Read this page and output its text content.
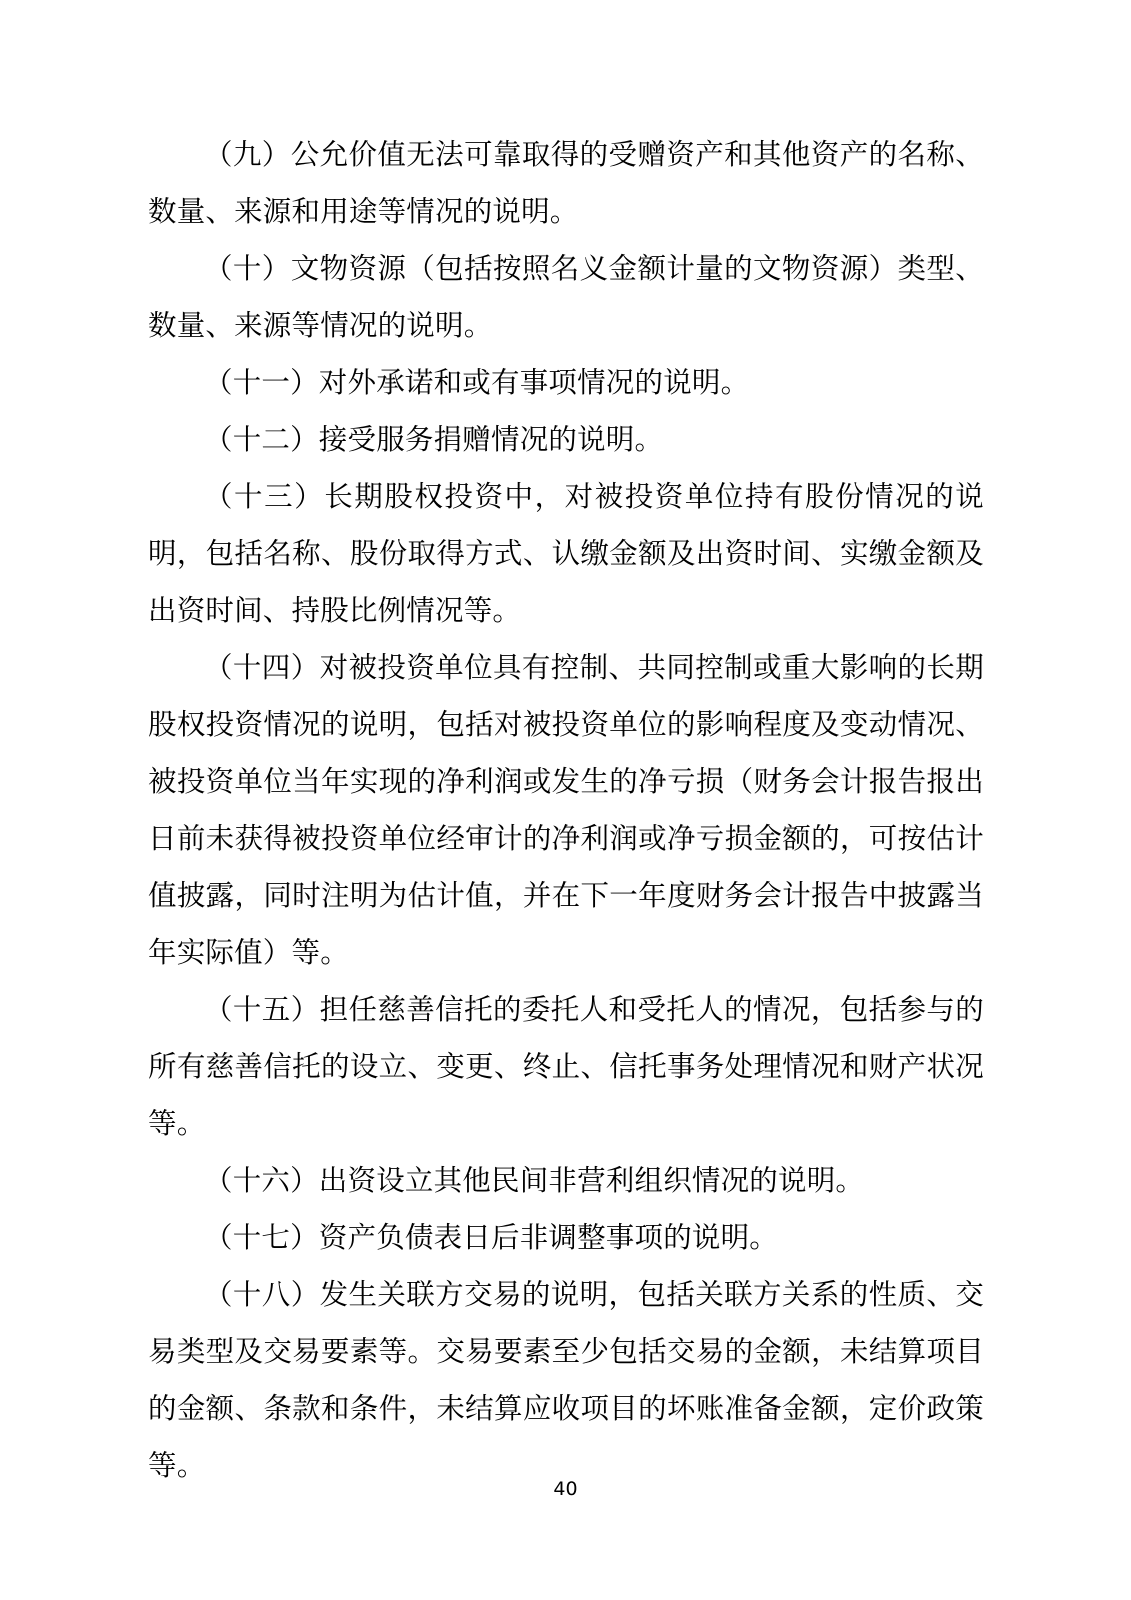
（九）公允价值无法可靠取得的受赠资产和其他资产的名称、数量、来源和用途等情况的说明。

（十）文物资源（包括按照名义金额计量的文物资源）类型、数量、来源等情况的说明。

（十一）对外承诺和或有事项情况的说明。

（十二）接受服务捐赠情况的说明。

（十三）长期股权投资中，对被投资单位持有股份情况的说明，包括名称、股份取得方式、认缴金额及出资时间、实缴金额及出资时间、持股比例情况等。

（十四）对被投资单位具有控制、共同控制或重大影响的长期股权投资情况的说明，包括对被投资单位的影响程度及变动情况、被投资单位当年实现的净利润或发生的净亏损（财务会计报告报出日前未获得被投资单位经审计的净利润或净亏损金额的，可按估计值披露，同时注明为估计值，并在下一年度财务会计报告中披露当年实际值）等。

（十五）担任慈善信托的委托人和受托人的情况，包括参与的所有慈善信托的设立、变更、终止、信托事务处理情况和财产状况等。

（十六）出资设立其他民间非营利组织情况的说明。

（十七）资产负债表日后非调整事项的说明。

（十八）发生关联方交易的说明，包括关联方关系的性质、交易类型及交易要素等。交易要素至少包括交易的金额，未结算项目的金额、条款和条件，未结算应收项目的坏账准备金额，定价政策等。

40
